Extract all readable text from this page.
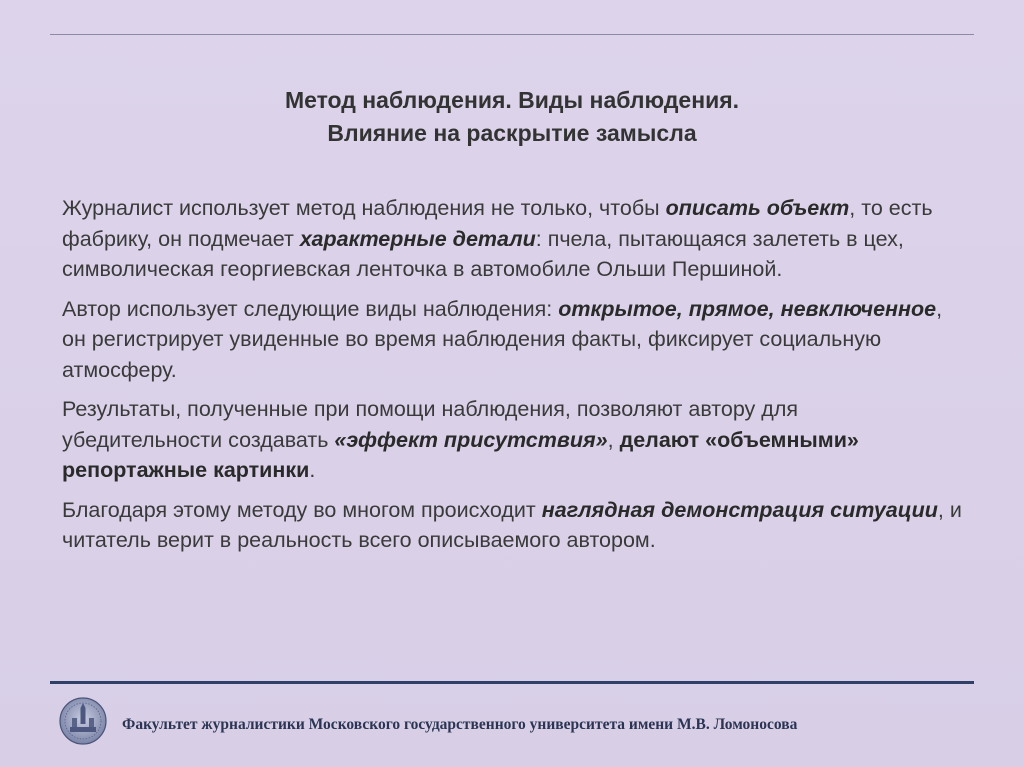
Метод наблюдения. Виды наблюдения.
Влияние на раскрытие замысла

Журналист использует метод наблюдения не только, чтобы описать объект, то есть фабрику, он подмечает характерные детали: пчела, пытающаяся залететь в цех, символическая георгиевская ленточка в автомобиле Ольши Першиной.

Автор использует следующие виды наблюдения: открытое, прямое, невключенное, он регистрирует увиденные во время наблюдения факты, фиксирует социальную атмосферу.

Результаты, полученные при помощи наблюдения, позволяют автору для убедительности создавать «эффект присутствия», делают «объемными» репортажные картинки.

Благодаря этому методу во многом происходит наглядная демонстрация ситуации, и читатель верит в реальность всего описываемого автором.

Факультет журналистики Московского государственного университета имени М.В. Ломоносова
